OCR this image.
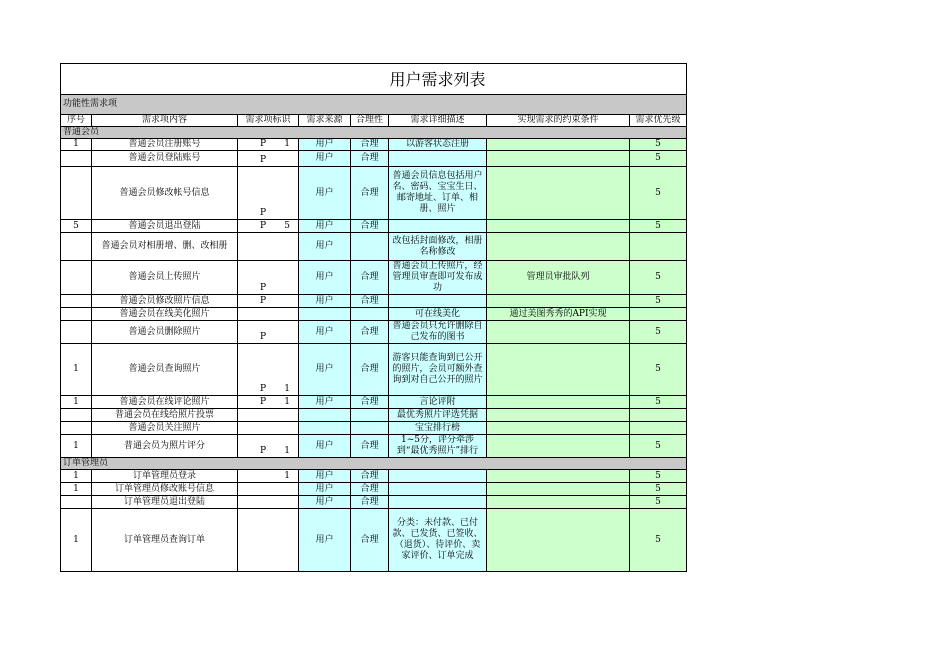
用户需求列表							
功能性需求项							
序号	需求项内容	需求项标识	需求来源	合理性	需求详细描述	实现需求的约束条件	需求优先级
普通会员							
1	普通会员注册账号	P 1	用户	合理	以游客状态注册		5
	普通会员登陆账号	P	用户	合理			5
	普通会员修改帐号信息	P	用户	合理	普通会员信息包括用户名、密码、宝宝生日、邮寄地址、订单、相册、照片		5
5	普通会员退出登陆	P 5	用户	合理			5
	普通会员对相册增、删、改相册		用户		改包括封面修改，相册名称修改		
	普通会员上传照片	P	用户	合理	普通会员上传照片，经管理员审查即可发布成功	管理员审批队列	5
	普通会员修改照片信息	P	用户	合理			5
	普通会员在线美化照片				可在线美化	通过美图秀秀的API实现	
	普通会员删除照片	P	用户	合理	普通会员只允许删除自己发布的图书		5
1	普通会员查询照片	P 1	用户	合理	游客只能查询到已公开的照片，会员可额外查询到对自己公开的照片		5
1	普通会员在线评论照片	P 1	用户	合理	言论评附		5
	普通会员在线给照片投票				最优秀照片评选凭据		
	普通会员关注照片				宝宝排行榜		
1	普通会员为照片评分	P 1	用户	合理	1~5分，评分牵涉到“最优秀照片”排行		5
订单管理员							
1	订单管理员登录	1	用户	合理			5
1	订单管理员修改账号信息		用户	合理			5
	订单管理员退出登陆		用户	合理			5
1	订单管理员查询订单		用户	合理	分类：未付款、已付款、已发货、已签收、（退货）、待评价、卖家评价、订单完成		5
